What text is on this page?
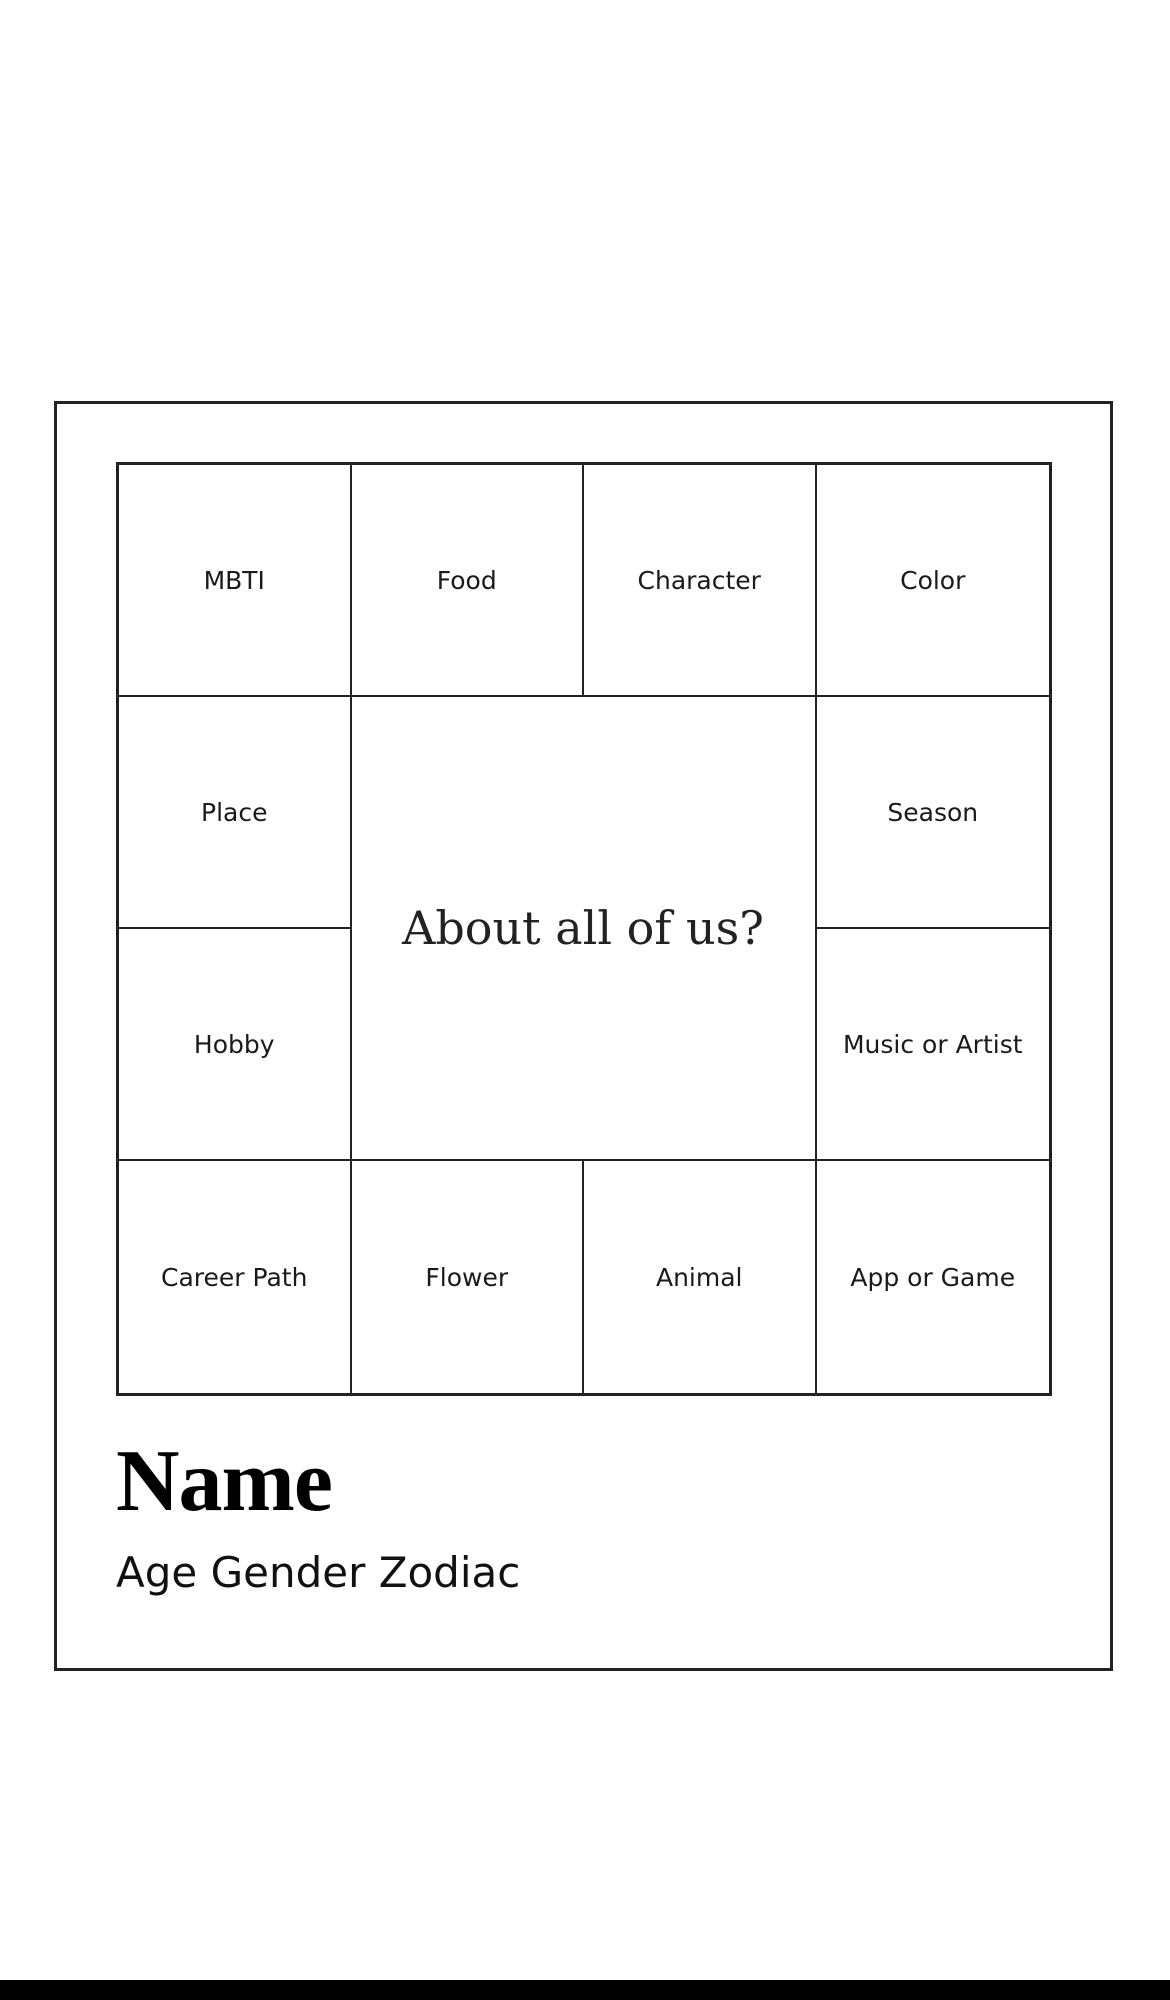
MBTI	Food	Character	Color
Place	Season
About all of us?
Hobby	Music or Artist
Career Path	Flower	Animal	App or Game
Name
Age Gender Zodiac
